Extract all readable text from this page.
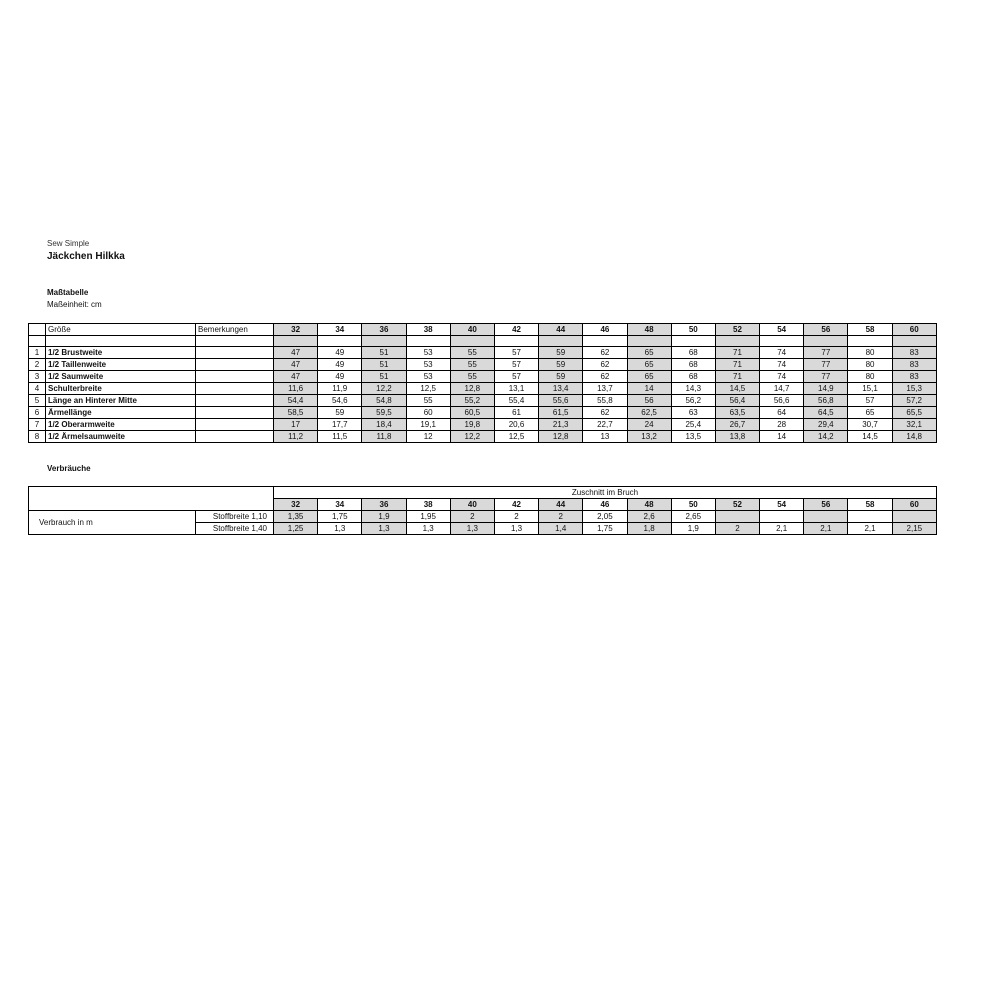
Sew Simple
Jäckchen Hilkka
Maßtabelle
Maßeinheit: cm
	Größe	Bemerkungen	32	34	36	38	40	42	44	46	48	50	52	54	56	58	60

1	1/2 Brustweite		47	49	51	53	55	57	59	62	65	68	71	74	77	80	83
2	1/2 Taillenweite		47	49	51	53	55	57	59	62	65	68	71	74	77	80	83
3	1/2 Saumweite		47	49	51	53	55	57	59	62	65	68	71	74	77	80	83
4	Schulterbreite		11,6	11,9	12,2	12,5	12,8	13,1	13,4	13,7	14	14,3	14,5	14,7	14,9	15,1	15,3
5	Länge an Hinterer Mitte		54,4	54,6	54,8	55	55,2	55,4	55,6	55,8	56	56,2	56,4	56,6	56,8	57	57,2
6	Ärmellänge		58,5	59	59,5	60	60,5	61	61,5	62	62,5	63	63,5	64	64,5	65	65,5
7	1/2 Oberarmweite		17	17,7	18,4	19,1	19,8	20,6	21,3	22,7	24	25,4	26,7	28	29,4	30,7	32,1
8	1/2 Ärmelsaumweite		11,2	11,5	11,8	12	12,2	12,5	12,8	13	13,2	13,5	13,8	14	14,2	14,5	14,8
Verbräuche
		Zuschnitt im Bruch														
		32	34	36	38	40	42	44	46	48	50	52	54	56	58	60
Verbrauch in m	Stoffbreite 1,10	1,35	1,75	1,9	1,95	2	2	2	2,05	2,6	2,65					
	Stoffbreite 1,40	1,25	1,3	1,3	1,3	1,3	1,3	1,4	1,75	1,8	1,9	2	2,1	2,1	2,1	2,15
